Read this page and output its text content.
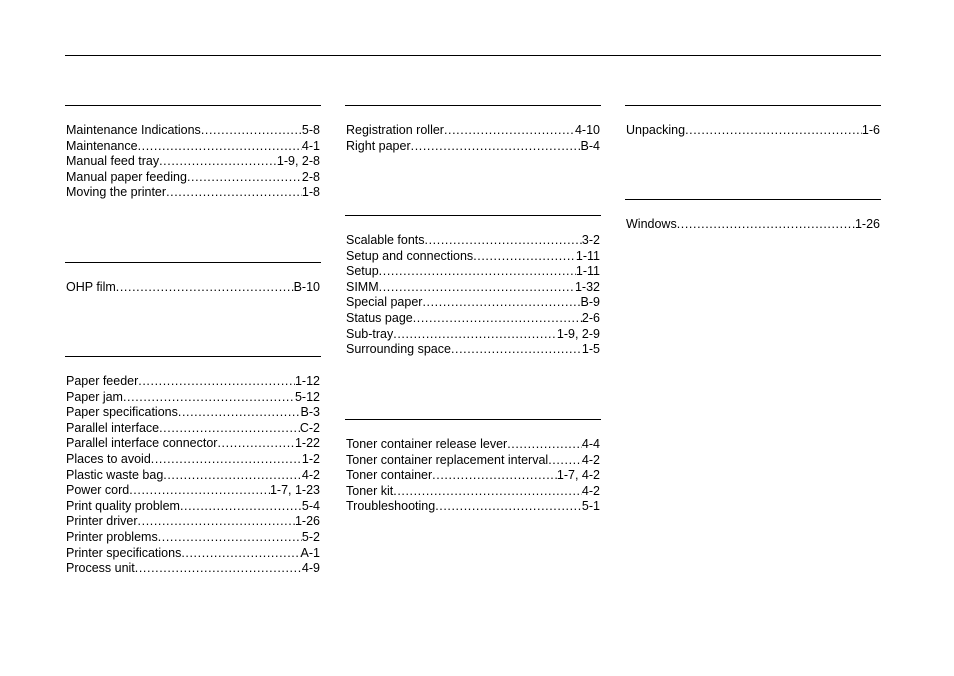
Maintenance Indications .....	5-8
Maintenance .....	4-1
Manual feed tray .....	1-9, 2-8
Manual paper feeding .....	2-8
Moving the printer .....	1-8
OHP film .....	B-10
Paper feeder .....	1-12
Paper jam .....	5-12
Paper specifications .....	B-3
Parallel interface .....	C-2
Parallel interface connector .....	1-22
Places to avoid .....	1-2
Plastic waste bag .....	4-2
Power cord .....	1-7, 1-23
Print quality problem .....	5-4
Printer driver .....	1-26
Printer problems .....	5-2
Printer specifications .....	A-1
Process unit .....	4-9
Registration roller .....	4-10
Right paper .....	B-4
Scalable fonts .....	3-2
Setup and connections .....	1-11
Setup .....	1-11
SIMM .....	1-32
Special paper .....	B-9
Status page .....	2-6
Sub-tray .....	1-9, 2-9
Surrounding space .....	1-5
Toner container release lever .....	4-4
Toner container replacement interval .....	4-2
Toner container .....	1-7, 4-2
Toner kit .....	4-2
Troubleshooting .....	5-1
Unpacking .....	1-6
Windows .....	1-26
